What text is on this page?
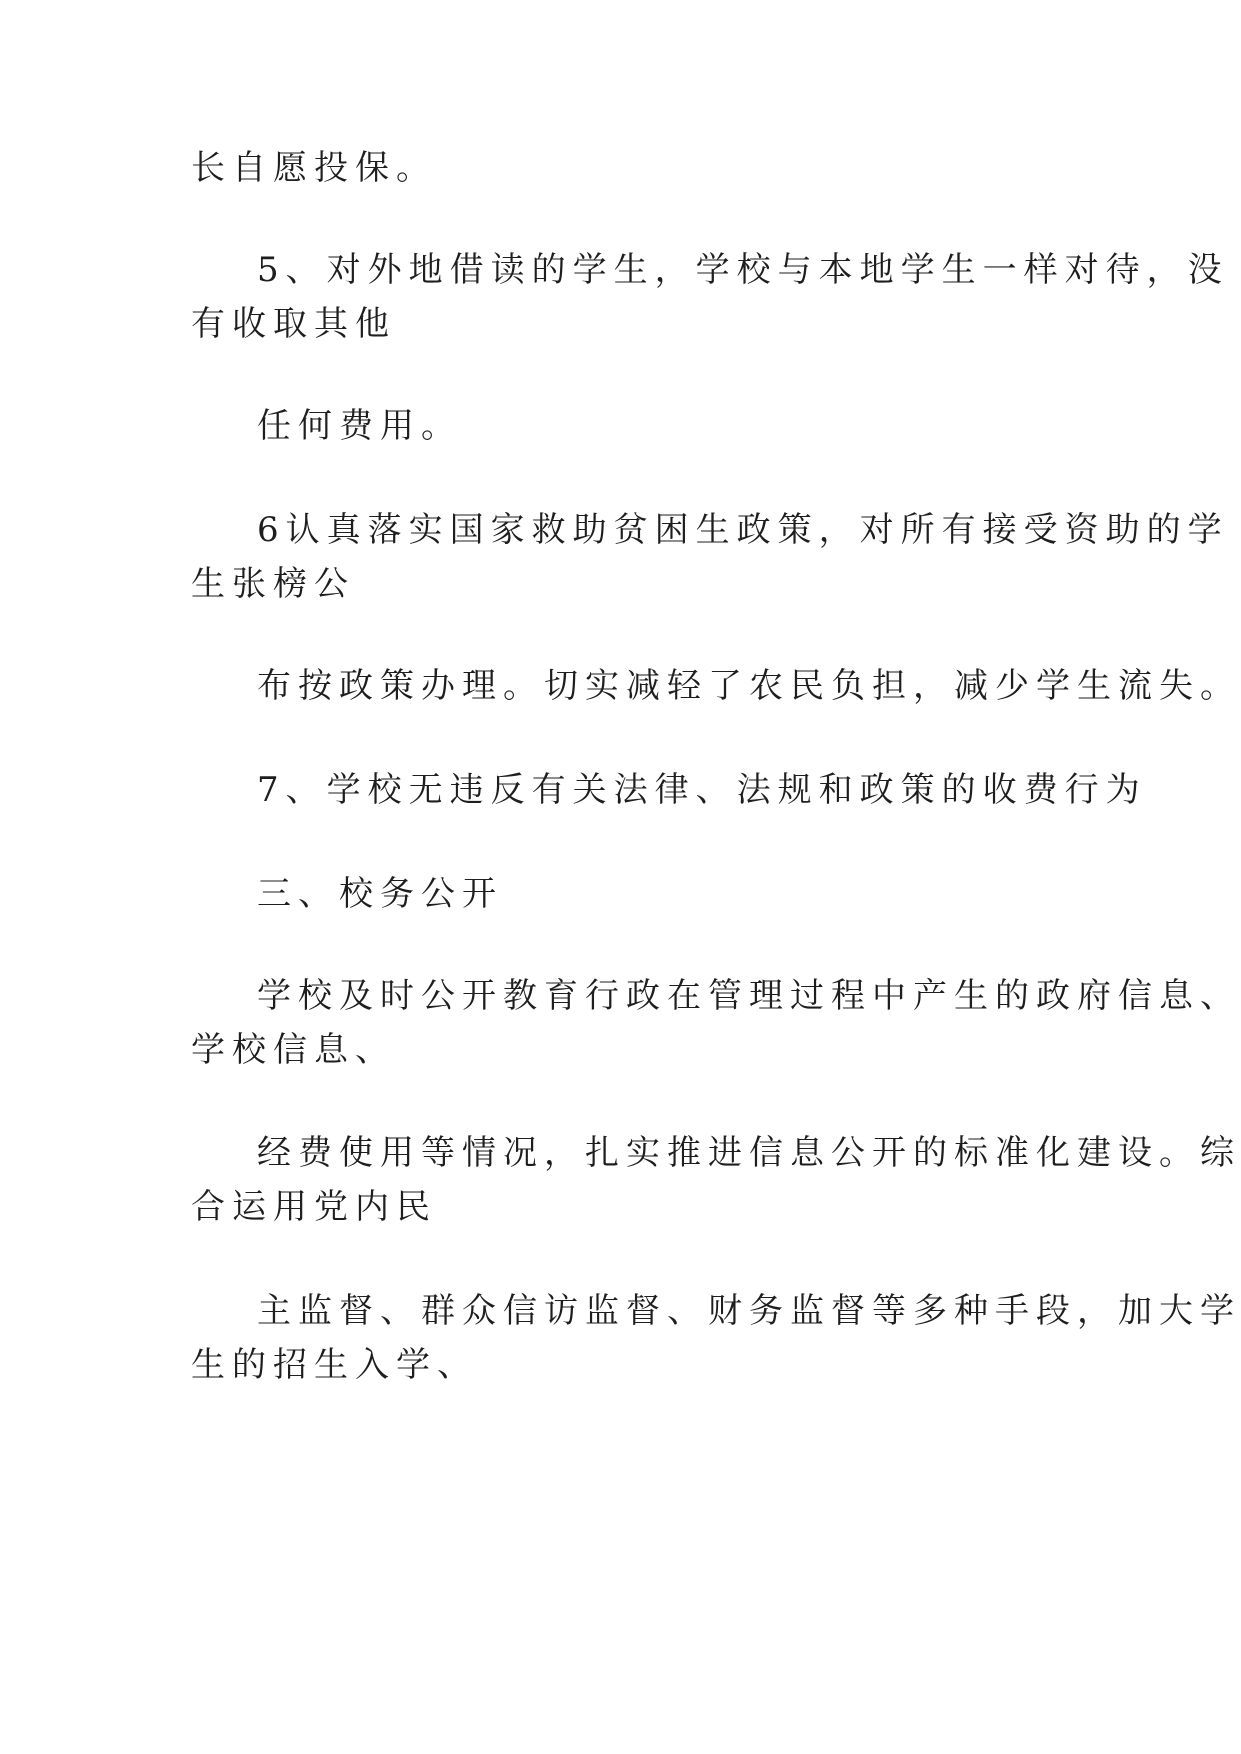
长自愿投保。
5、对外地借读的学生，学校与本地学生一样对待，没
有收取其他
任何费用。
6认真落实国家救助贫困生政策，对所有接受资助的学
生张榜公
布按政策办理。切实减轻了农民负担，减少学生流失。
7、学校无违反有关法律、法规和政策的收费行为
三、校务公开
学校及时公开教育行政在管理过程中产生的政府信息、
学校信息、
经费使用等情况，扎实推进信息公开的标准化建设。综
合运用党内民
主监督、群众信访监督、财务监督等多种手段，加大学
生的招生入学、
